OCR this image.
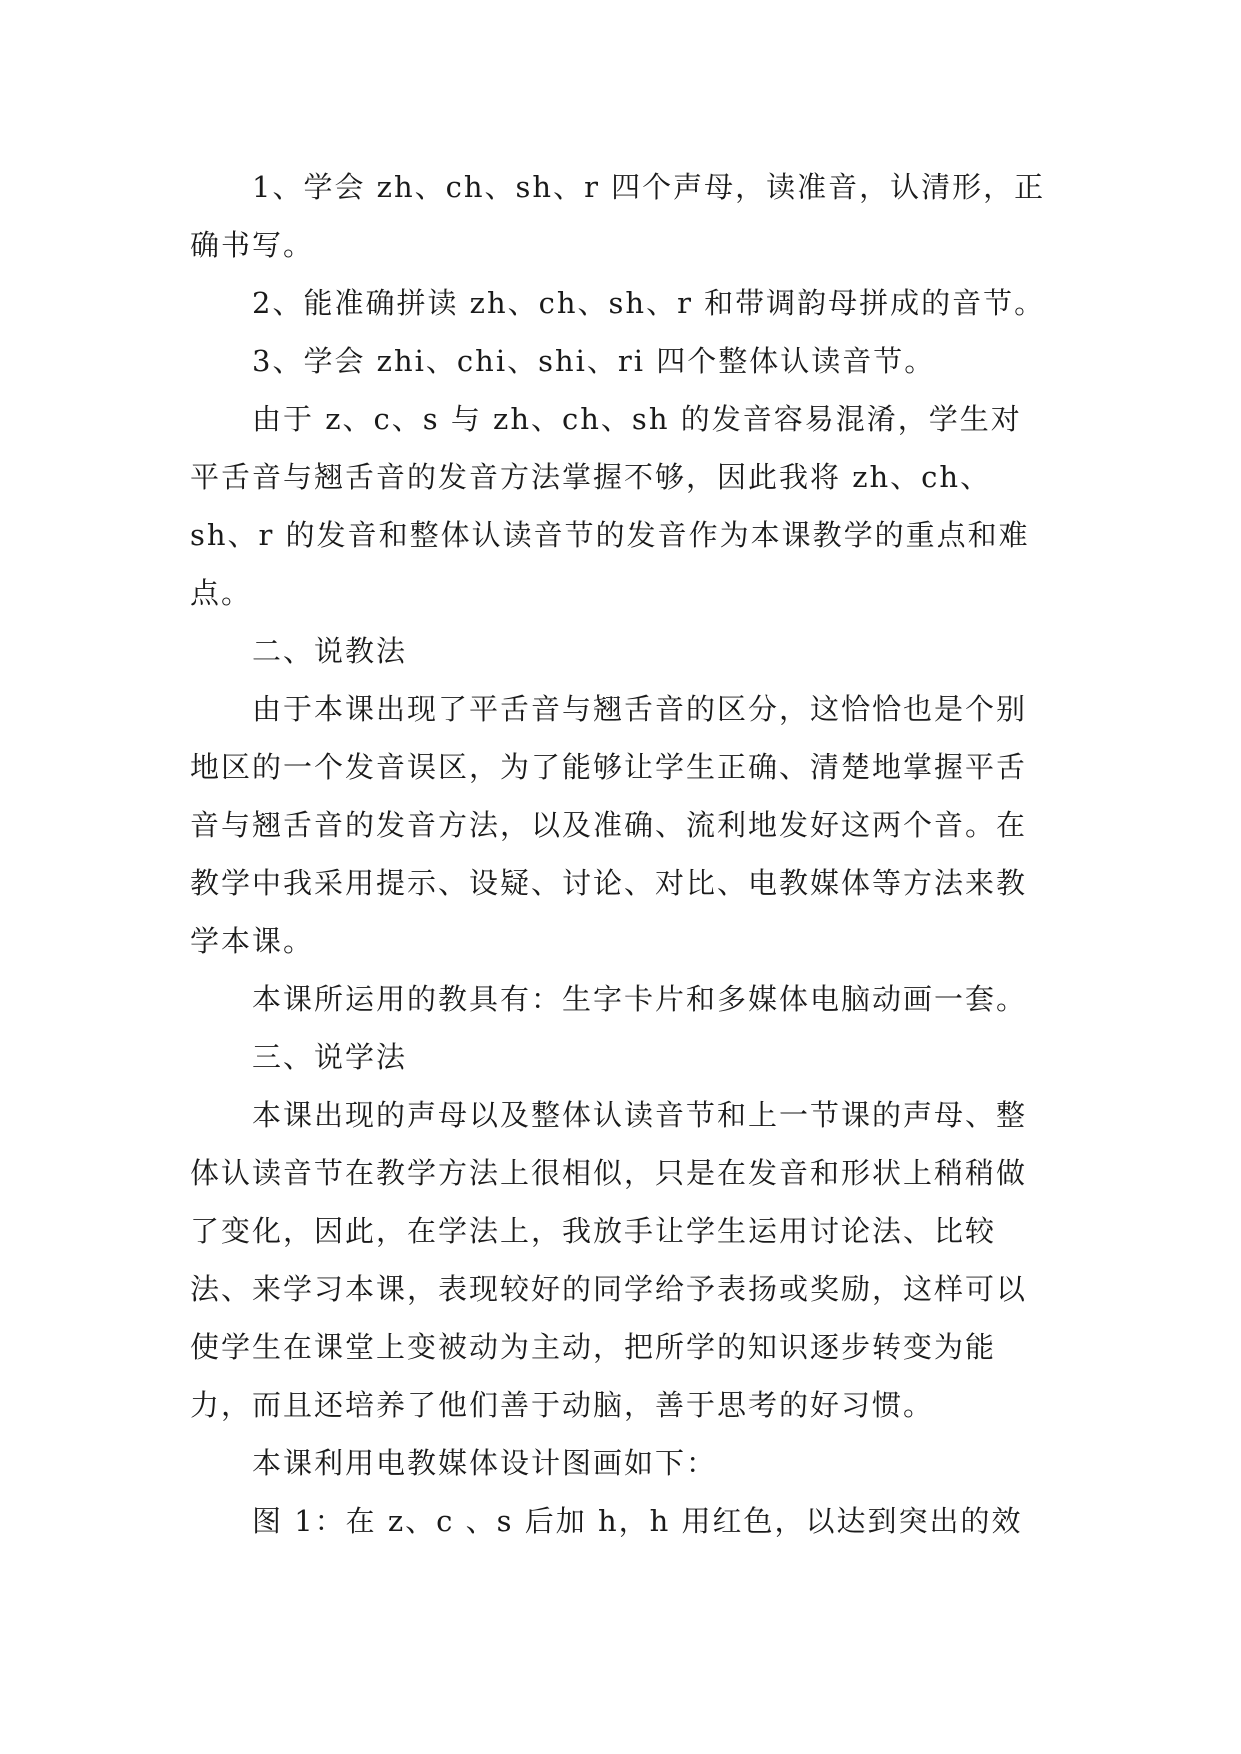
1、学会 zh、ch、sh、r 四个声母，读准音，认清形，正确书写。

2、能准确拼读 zh、ch、sh、r 和带调韵母拼成的音节。

3、学会 zhi、chi、shi、ri 四个整体认读音节。

由于 z、c、s 与 zh、ch、sh 的发音容易混淆，学生对平舌音与翘舌音的发音方法掌握不够，因此我将 zh、ch、sh、r 的发音和整体认读音节的发音作为本课教学的重点和难点。

二、说教法

由于本课出现了平舌音与翘舌音的区分，这恰恰也是个别地区的一个发音误区，为了能够让学生正确、清楚地掌握平舌音与翘舌音的发音方法，以及准确、流利地发好这两个音。在教学中我采用提示、设疑、讨论、对比、电教媒体等方法来教学本课。

本课所运用的教具有：生字卡片和多媒体电脑动画一套。

三、说学法

本课出现的声母以及整体认读音节和上一节课的声母、整体认读音节在教学方法上很相似，只是在发音和形状上稍稍做了变化，因此，在学法上，我放手让学生运用讨论法、比较法、来学习本课，表现较好的同学给予表扬或奖励，这样可以使学生在课堂上变被动为主动，把所学的知识逐步转变为能力，而且还培养了他们善于动脑，善于思考的好习惯。

本课利用电教媒体设计图画如下：

图 1：在 z、c 、s 后加 h，h 用红色，以达到突出的效
